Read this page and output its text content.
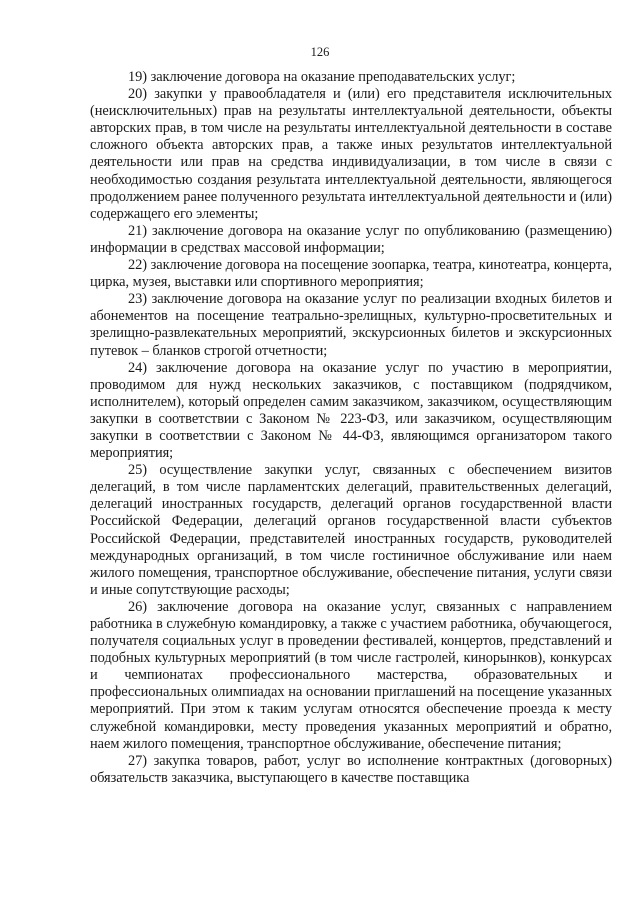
126

19) заключение договора на оказание преподавательских услуг;

20) закупки у правообладателя и (или) его представителя исключительных (неисключительных) прав на результаты интеллектуальной деятельности, объекты авторских прав, в том числе на результаты интеллектуальной деятельности в составе сложного объекта авторских прав, а также иных результатов интеллектуальной деятельности или прав на средства индивидуализации, в том числе в связи с необходимостью создания результата интеллектуальной деятельности, являющегося продолжением ранее полученного результата интеллектуальной деятельности и (или) содержащего его элементы;

21) заключение договора на оказание услуг по опубликованию (размещению) информации в средствах массовой информации;

22) заключение договора на посещение зоопарка, театра, кинотеатра, концерта, цирка, музея, выставки или спортивного мероприятия;

23) заключение договора на оказание услуг по реализации входных билетов и абонементов на посещение театрально-зрелищных, культурно-просветительных и зрелищно-развлекательных мероприятий, экскурсионных билетов и экскурсионных путевок – бланков строгой отчетности;

24) заключение договора на оказание услуг по участию в мероприятии, проводимом для нужд нескольких заказчиков, с поставщиком (подрядчиком, исполнителем), который определен самим заказчиком, заказчиком, осуществляющим закупки в соответствии с Законом № 223-ФЗ, или заказчиком, осуществляющим закупки в соответствии с Законом № 44-ФЗ, являющимся организатором такого мероприятия;

25) осуществление закупки услуг, связанных с обеспечением визитов делегаций, в том числе парламентских делегаций, правительственных делегаций, делегаций иностранных государств, делегаций органов государственной власти Российской Федерации, делегаций органов государственной власти субъектов Российской Федерации, представителей иностранных государств, руководителей международных организаций, в том числе гостиничное обслуживание или наем жилого помещения, транспортное обслуживание, обеспечение питания, услуги связи и иные сопутствующие расходы;

26) заключение договора на оказание услуг, связанных с направлением работника в служебную командировку, а также с участием работника, обучающегося, получателя социальных услуг в проведении фестивалей, концертов, представлений и подобных культурных мероприятий (в том числе гастролей, кинорынков), конкурсах и чемпионатах профессионального мастерства, образовательных и профессиональных олимпиадах на основании приглашений на посещение указанных мероприятий. При этом к таким услугам относятся обеспечение проезда к месту служебной командировки, месту проведения указанных мероприятий и обратно, наем жилого помещения, транспортное обслуживание, обеспечение питания;

27) закупка товаров, работ, услуг во исполнение контрактных (договорных) обязательств заказчика, выступающего в качестве поставщика
